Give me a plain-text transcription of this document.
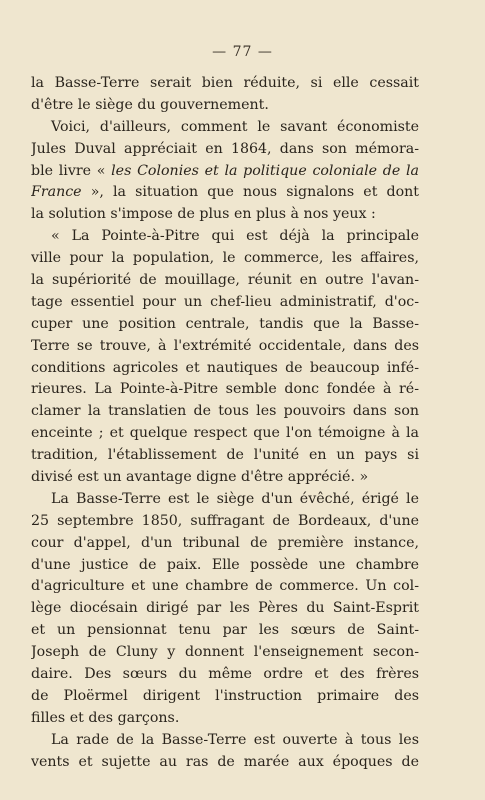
— 77 —
la Basse-Terre serait bien réduite, si elle cessait
d'être le siège du gouvernement.
Voici, d'ailleurs, comment le savant économiste
Jules Duval appréciait en 1864, dans son mémora-
ble livre « les Colonies et la politique coloniale de la
France », la situation que nous signalons et dont
la solution s'impose de plus en plus à nos yeux :
« La Pointe-à-Pitre qui est déjà la principale
ville pour la population, le commerce, les affaires,
la supériorité de mouillage, réunit en outre l'avan-
tage essentiel pour un chef-lieu administratif, d'oc-
cuper une position centrale, tandis que la Basse-
Terre se trouve, à l'extrémité occidentale, dans des
conditions agricoles et nautiques de beaucoup infé-
rieures. La Pointe-à-Pitre semble donc fondée à ré-
clamer la translatien de tous les pouvoirs dans son
enceinte ; et quelque respect que l'on témoigne à la
tradition, l'établissement de l'unité en un pays si
divisé est un avantage digne d'être apprécié. »
La Basse-Terre est le siège d'un évêché, érigé le
25 septembre 1850, suffragant de Bordeaux, d'une
cour d'appel, d'un tribunal de première instance,
d'une justice de paix. Elle possède une chambre
d'agriculture et une chambre de commerce. Un col-
lège diocésain dirigé par les Pères du Saint-Esprit
et un pensionnat tenu par les sœurs de Saint-
Joseph de Cluny y donnent l'enseignement secon-
daire. Des sœurs du même ordre et des frères
de Ploërmel dirigent l'instruction primaire des
filles et des garçons.
La rade de la Basse-Terre est ouverte à tous les
vents et sujette au ras de marée aux époques de
